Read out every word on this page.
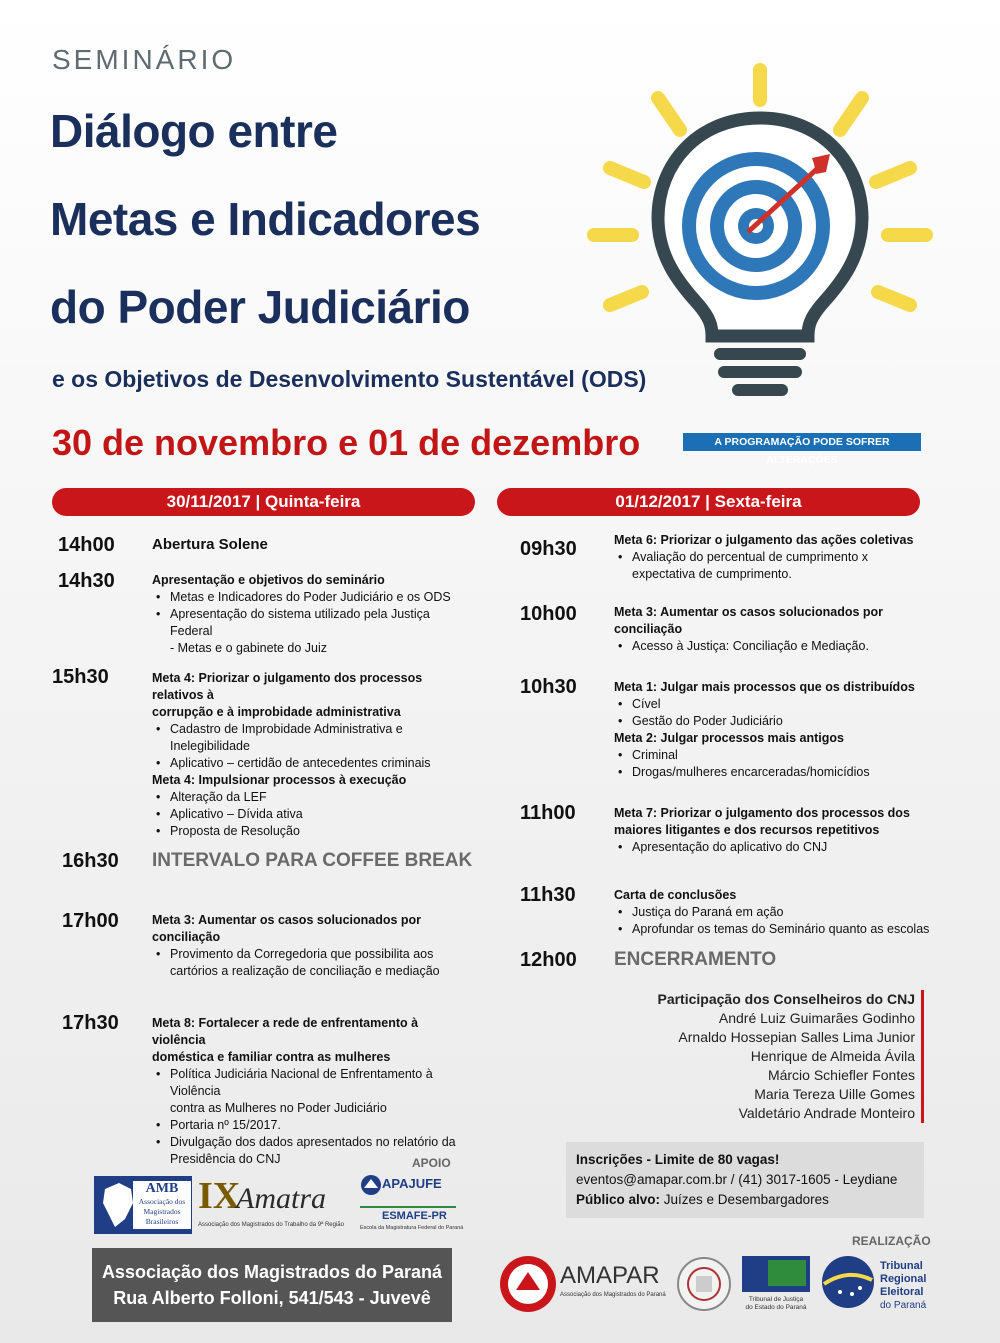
SEMINÁRIO
Diálogo entre
Metas e Indicadores
do Poder Judiciário
e os Objetivos de Desenvolvimento Sustentável (ODS)
30 de novembro e 01 de dezembro	A PROGRAMAÇÃO PODE SOFRER ALTERAÇÕES
30/11/2017 | Quinta-feira	01/12/2017 | Sexta-feira
14h00 Abertura Solene
14h30	Apresentação e objetivos do seminário
• Metas e Indicadores do Poder Judiciário e os ODS
• Apresentação do sistema utilizado pela Justiça Federal
- Metas e o gabinete do Juiz
15h30	Meta 4: Priorizar o julgamento dos processos relativos à
corrupção e à improbidade administrativa
• Cadastro de Improbidade Administrativa e Inelegibilidade
• Aplicativo – certidão de antecedentes criminais
Meta 4: Impulsionar processos à execução
• Alteração da LEF
• Aplicativo – Dívida ativa
• Proposta de Resolução
16h30 INTERVALO PARA COFFEE BREAK
17h00	Meta 3: Aumentar os casos solucionados por conciliação
• Provimento da Corregedoria que possibilita aos
cartórios a realização de conciliação e mediação
17h30	Meta 8: Fortalecer a rede de enfrentamento à violência
doméstica e familiar contra as mulheres
• Política Judiciária Nacional de Enfrentamento à Violência
contra as Mulheres no Poder Judiciário
• Portaria nº 15/2017.
• Divulgação dos dados apresentados no relatório da
Presidência do CNJ
09h30	Meta 6: Priorizar o julgamento das ações coletivas
• Avaliação do percentual de cumprimento x
expectativa de cumprimento.
10h00	Meta 3: Aumentar os casos solucionados por
conciliação
• Acesso à Justiça: Conciliação e Mediação.
10h30	Meta 1: Julgar mais processos que os distribuídos
• Cível
• Gestão do Poder Judiciário
Meta 2: Julgar processos mais antigos
• Criminal
• Drogas/mulheres encarceradas/homicídios
11h00	Meta 7: Priorizar o julgamento dos processos dos
maiores litigantes e dos recursos repetitivos
• Apresentação do aplicativo do CNJ
11h30	Carta de conclusões
• Justiça do Paraná em ação
• Aprofundar os temas do Seminário quanto as escolas
12h00 ENCERRAMENTO
Participação dos Conselheiros do CNJ
André Luiz Guimarães Godinho
Arnaldo Hossepian Salles Lima Junior
Henrique de Almeida Ávila
Márcio Schiefler Fontes
Maria Tereza Uille Gomes
Valdetário Andrade Monteiro
Inscrições - Limite de 80 vagas!
eventos@amapar.com.br / (41) 3017-1605 - Leydiane
Público alvo: Juízes e Desembargadores
APOIO
AMB
Associação dos
Magistrados
Brasileiros
IX
Amatra
Associação dos Magistrados do Trabalho da 9ª Região
APAJUFE
ESMAFE-PR
Escola da Magistratura Federal do Paraná
Associação dos Magistrados do Paraná
Rua Alberto Folloni, 541/543 - Juvevê
REALIZAÇÃO
AMAPAR
Associação dos Magistrados do Paraná
Tribunal de Justiça
do Estado do Paraná
Tribunal
Regional
Eleitoral
do Paraná
